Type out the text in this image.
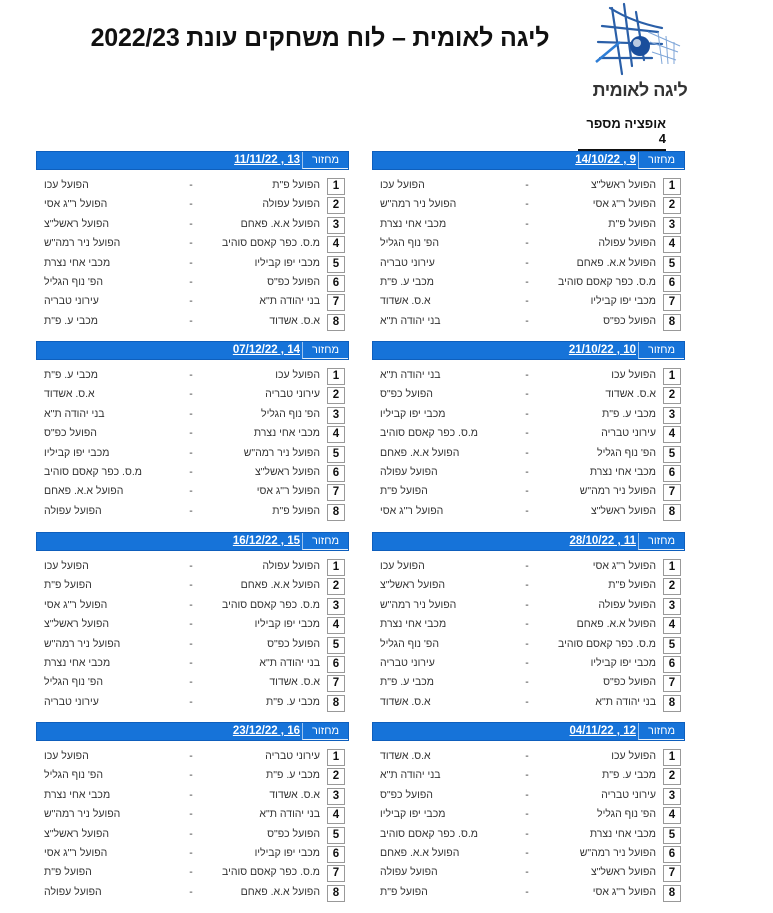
ליגה לאומית – לוח משחקים עונת 2022/23
ליגה לאומית
אופציה מספר 4
מחזור
14/10/22 , 9
1
הפועל ראשל"צ
-
הפועל עכו
2
הפועל ר"ג אסי
-
הפועל ניר רמה"ש
3
הפועל פ"ת
-
מכבי אחי נצרת
4
הפועל עפולה
-
הפ' נוף הגליל
5
הפועל א.א. פאחם
-
עירוני טבריה
6
מ.ס. כפר קאסם סוהיב
-
מכבי ע. פ"ת
7
מכבי יפו קביליו
-
א.ס. אשדוד
8
הפועל כפ"ס
-
בני יהודה ת"א
מחזור
11/11/22 , 13
1
הפועל פ"ת
-
הפועל עכו
2
הפועל עפולה
-
הפועל ר"ג אסי
3
הפועל א.א. פאחם
-
הפועל ראשל"צ
4
מ.ס. כפר קאסם סוהיב
-
הפועל ניר רמה"ש
5
מכבי יפו קביליו
-
מכבי אחי נצרת
6
הפועל כפ"ס
-
הפ' נוף הגליל
7
בני יהודה ת"א
-
עירוני טבריה
8
א.ס. אשדוד
-
מכבי ע. פ"ת
מחזור
21/10/22 , 10
1
הפועל עכו
-
בני יהודה ת"א
2
א.ס. אשדוד
-
הפועל כפ"ס
3
מכבי ע. פ"ת
-
מכבי יפו קביליו
4
עירוני טבריה
-
מ.ס. כפר קאסם סוהיב
5
הפ' נוף הגליל
-
הפועל א.א. פאחם
6
מכבי אחי נצרת
-
הפועל עפולה
7
הפועל ניר רמה"ש
-
הפועל פ"ת
8
הפועל ראשל"צ
-
הפועל ר"ג אסי
מחזור
07/12/22 , 14
1
הפועל עכו
-
מכבי ע. פ"ת
2
עירוני טבריה
-
א.ס. אשדוד
3
הפ' נוף הגליל
-
בני יהודה ת"א
4
מכבי אחי נצרת
-
הפועל כפ"ס
5
הפועל ניר רמה"ש
-
מכבי יפו קביליו
6
הפועל ראשל"צ
-
מ.ס. כפר קאסם סוהיב
7
הפועל ר"ג אסי
-
הפועל א.א. פאחם
8
הפועל פ"ת
-
הפועל עפולה
מחזור
28/10/22 , 11
1
הפועל ר"ג אסי
-
הפועל עכו
2
הפועל פ"ת
-
הפועל ראשל"צ
3
הפועל עפולה
-
הפועל ניר רמה"ש
4
הפועל א.א. פאחם
-
מכבי אחי נצרת
5
מ.ס. כפר קאסם סוהיב
-
הפ' נוף הגליל
6
מכבי יפו קביליו
-
עירוני טבריה
7
הפועל כפ"ס
-
מכבי ע. פ"ת
8
בני יהודה ת"א
-
א.ס. אשדוד
מחזור
16/12/22 , 15
1
הפועל עפולה
-
הפועל עכו
2
הפועל א.א. פאחם
-
הפועל פ"ת
3
מ.ס. כפר קאסם סוהיב
-
הפועל ר"ג אסי
4
מכבי יפו קביליו
-
הפועל ראשל"צ
5
הפועל כפ"ס
-
הפועל ניר רמה"ש
6
בני יהודה ת"א
-
מכבי אחי נצרת
7
א.ס. אשדוד
-
הפ' נוף הגליל
8
מכבי ע. פ"ת
-
עירוני טבריה
מחזור
04/11/22 , 12
1
הפועל עכו
-
א.ס. אשדוד
2
מכבי ע. פ"ת
-
בני יהודה ת"א
3
עירוני טבריה
-
הפועל כפ"ס
4
הפ' נוף הגליל
-
מכבי יפו קביליו
5
מכבי אחי נצרת
-
מ.ס. כפר קאסם סוהיב
6
הפועל ניר רמה"ש
-
הפועל א.א. פאחם
7
הפועל ראשל"צ
-
הפועל עפולה
8
הפועל ר"ג אסי
-
הפועל פ"ת
מחזור
23/12/22 , 16
1
עירוני טבריה
-
הפועל עכו
2
מכבי ע. פ"ת
-
הפ' נוף הגליל
3
א.ס. אשדוד
-
מכבי אחי נצרת
4
בני יהודה ת"א
-
הפועל ניר רמה"ש
5
הפועל כפ"ס
-
הפועל ראשל"צ
6
מכבי יפו קביליו
-
הפועל ר"ג אסי
7
מ.ס. כפר קאסם סוהיב
-
הפועל פ"ת
8
הפועל א.א. פאחם
-
הפועל עפולה
